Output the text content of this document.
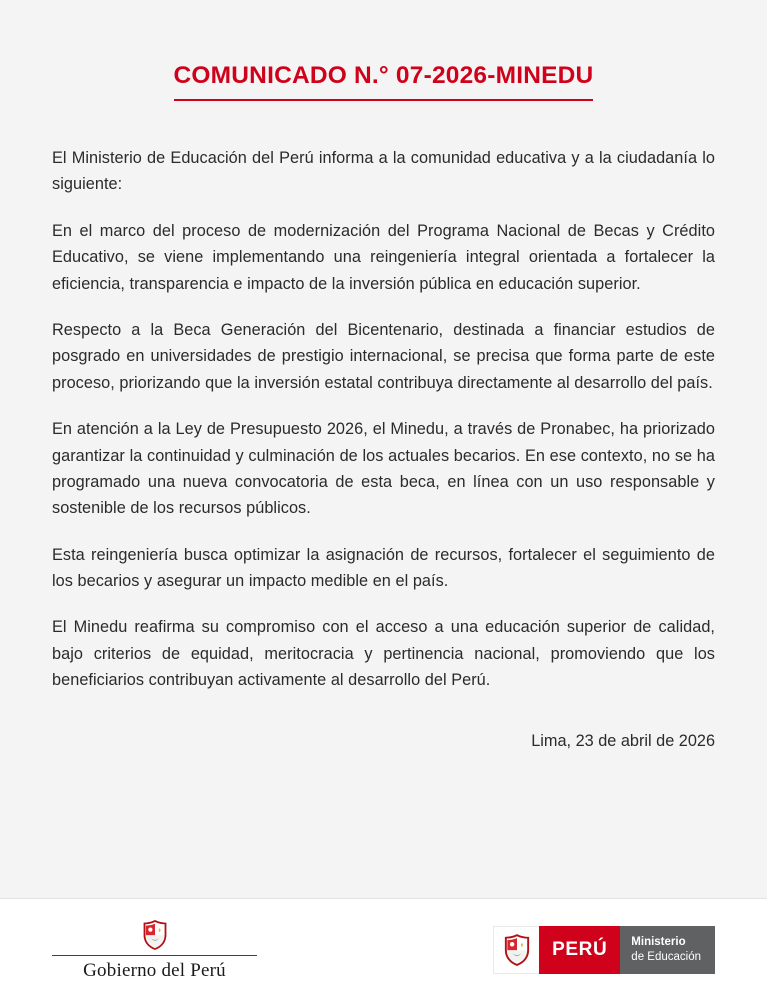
COMUNICADO N.° 07-2026-MINEDU

El Ministerio de Educación del Perú informa a la comunidad educativa y a la ciudadanía lo siguiente:

En el marco del proceso de modernización del Programa Nacional de Becas y Crédito Educativo, se viene implementando una reingeniería integral orientada a fortalecer la eficiencia, transparencia e impacto de la inversión pública en educación superior.

Respecto a la Beca Generación del Bicentenario, destinada a financiar estudios de posgrado en universidades de prestigio internacional, se precisa que forma parte de este proceso, priorizando que la inversión estatal contribuya directamente al desarrollo del país.

En atención a la Ley de Presupuesto 2026, el Minedu, a través de Pronabec, ha priorizado garantizar la continuidad y culminación de los actuales becarios. En ese contexto, no se ha programado una nueva convocatoria de esta beca, en línea con un uso responsable y sostenible de los recursos públicos.

Esta reingeniería busca optimizar la asignación de recursos, fortalecer el seguimiento de los becarios y asegurar un impacto medible en el país.

El Minedu reafirma su compromiso con el acceso a una educación superior de calidad, bajo criterios de equidad, meritocracia y pertinencia nacional, promoviendo que los beneficiarios contribuyan activamente al desarrollo del Perú.

Lima, 23 de abril de 2026
Gobierno del Perú
PERÚ	Ministerio
de Educación
